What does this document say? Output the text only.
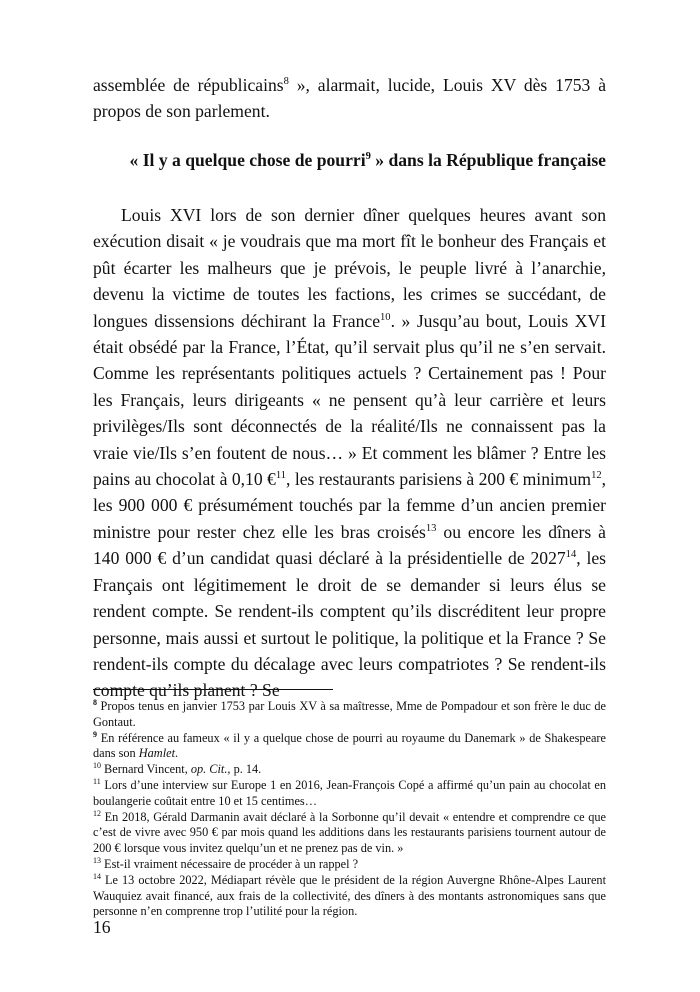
assemblée de républicains$^8$ », alarmait, lucide, Louis XV dès 1753 à propos de son parlement.

« Il y a quelque chose de pourri$^9$ » dans la République française

Louis XVI lors de son dernier dîner quelques heures avant son exécution disait « je voudrais que ma mort fît le bonheur des Français et pût écarter les malheurs que je prévois, le peuple livré à l’anarchie, devenu la victime de toutes les factions, les crimes se succédant, de longues dissensions déchirant la France$^{10}$. » Jusqu’au bout, Louis XVI était obsédé par la France, l’État, qu’il servait plus qu’il ne s’en servait. Comme les représentants politiques actuels ? Certainement pas ! Pour les Français, leurs dirigeants « ne pensent qu’à leur carrière et leurs privilèges/Ils sont déconnectés de la réalité/Ils ne connaissent pas la vraie vie/Ils s’en foutent de nous… » Et comment les blâmer ? Entre les pains au chocolat à 0,10 €$^{11}$, les restaurants parisiens à 200 € minimum$^{12}$, les 900 000 € présumément touchés par la femme d’un ancien premier ministre pour rester chez elle les bras croisés$^{13}$ ou encore les dîners à 140 000 € d’un candidat quasi déclaré à la présidentielle de 2027$^{14}$, les Français ont légitimement le droit de se demander si leurs élus se rendent compte. Se rendent-ils comptent qu’ils discréditent leur propre personne, mais aussi et surtout le politique, la politique et la France ? Se rendent-ils compte du décalage avec leurs compatriotes ? Se rendent-ils compte qu’ils planent ? Se

$^8$ Propos tenus en janvier 1753 par Louis XV à sa maîtresse, Mme de Pompadour et son frère le duc de Gontaut.

$^9$ En référence au fameux « il y a quelque chose de pourri au royaume du Danemark » de Shakespeare dans son Hamlet.

$^{10}$ Bernard Vincent, op. Cit., p. 14.

$^{11}$ Lors d’une interview sur Europe 1 en 2016, Jean-François Copé a affirmé qu’un pain au chocolat en boulangerie coûtait entre 10 et 15 centimes…

$^{12}$ En 2018, Gérald Darmanin avait déclaré à la Sorbonne qu’il devait « entendre et comprendre ce que c’est de vivre avec 950 € par mois quand les additions dans les restaurants parisiens tournent autour de 200 € lorsque vous invitez quelqu’un et ne prenez pas de vin. »

$^{13}$ Est-il vraiment nécessaire de procéder à un rappel ?

$^{14}$ Le 13 octobre 2022, Médiapart révèle que le président de la région Auvergne Rhône-Alpes Laurent Wauquiez avait financé, aux frais de la collectivité, des dîners à des montants astronomiques sans que personne n’en comprenne trop l’utilité pour la région.

16
